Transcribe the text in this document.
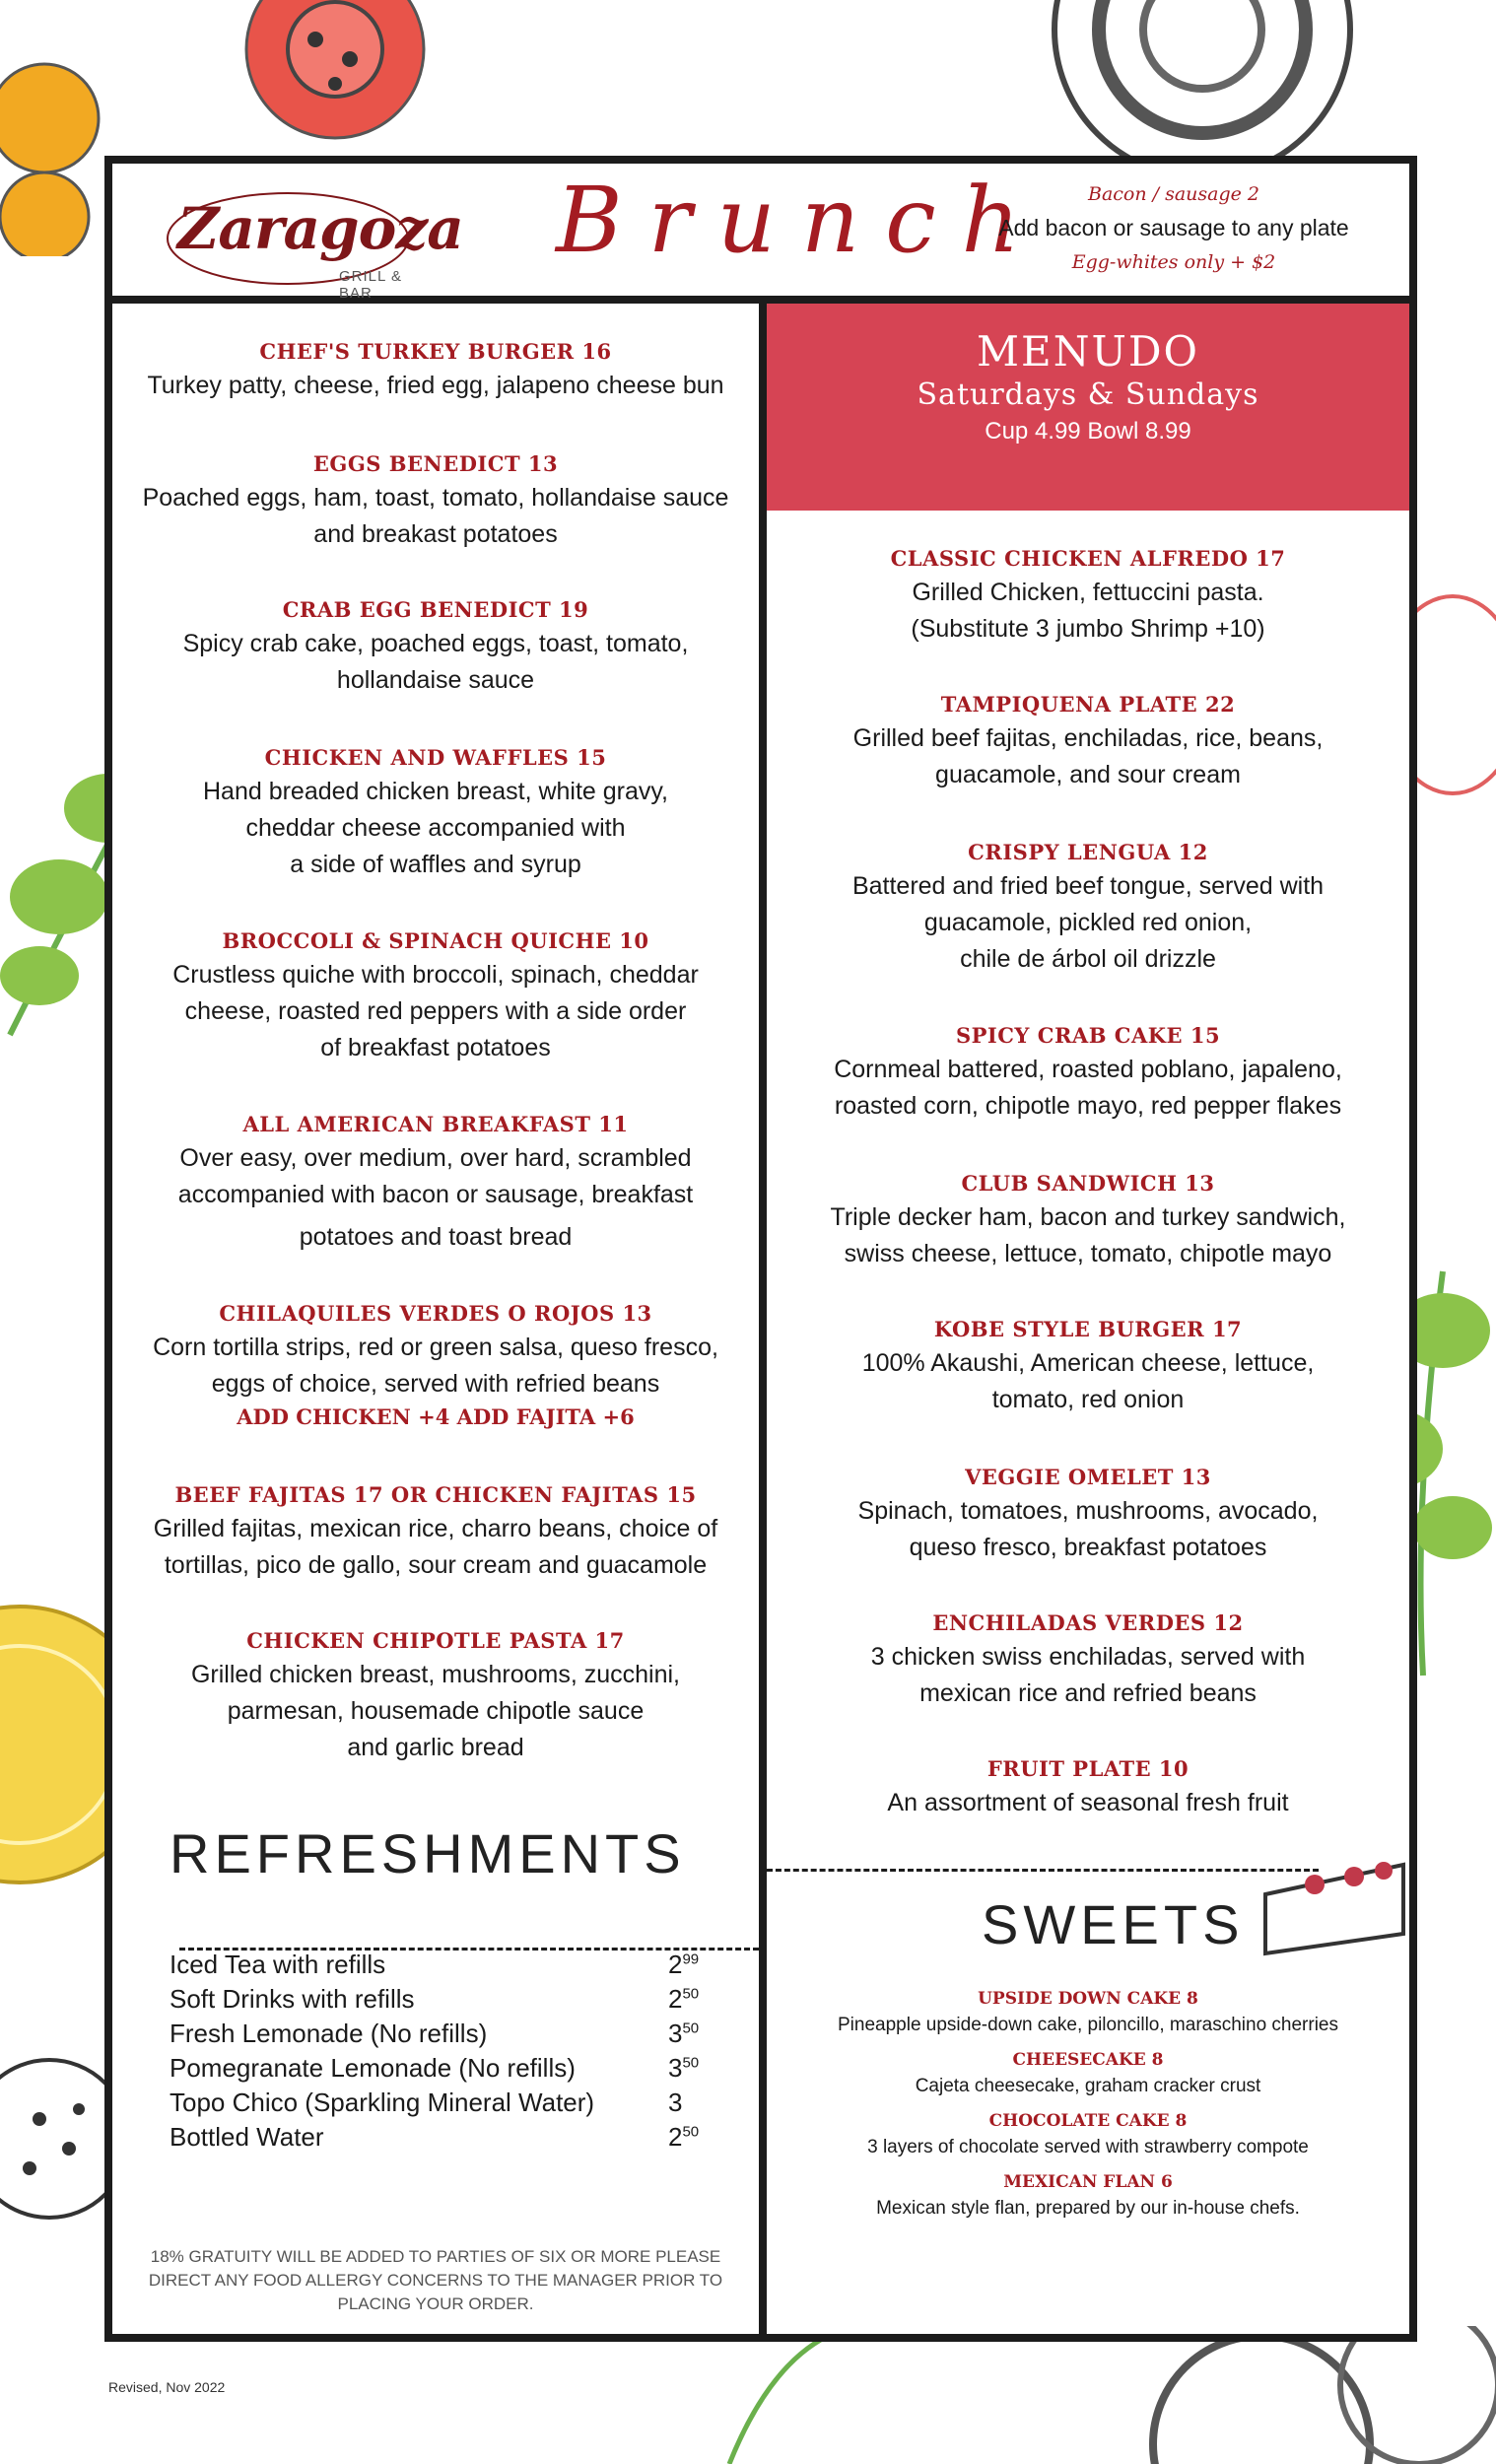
Zaragoza
GRILL & BAR
Brunch	Bacon / sausage 2
Add bacon or sausage to any plate
Egg-whites only + $2
CHEF'S TURKEY BURGER 16
Turkey patty, cheese, fried egg, jalapeno cheese bun
EGGS BENEDICT 13
Poached eggs, ham, toast, tomato, hollandaise sauce
and breakast potatoes
CRAB EGG BENEDICT 19
Spicy crab cake, poached eggs, toast, tomato,
hollandaise sauce
CHICKEN AND WAFFLES 15
Hand breaded chicken breast, white gravy,
cheddar cheese accompanied with
a side of waffles and syrup
BROCCOLI & SPINACH QUICHE 10
Crustless quiche with broccoli, spinach, cheddar
cheese, roasted red peppers with a side order
of breakfast potatoes
ALL AMERICAN BREAKFAST 11
Over easy, over medium, over hard, scrambled
accompanied with bacon or sausage, breakfast
potatoes and toast bread
CHILAQUILES VERDES O ROJOS 13
Corn tortilla strips, red or green salsa, queso fresco,
eggs of choice, served with refried beans
ADD CHICKEN +4 ADD FAJITA +6
BEEF FAJITAS 17 OR CHICKEN FAJITAS 15
Grilled fajitas, mexican rice, charro beans, choice of
tortillas, pico de gallo, sour cream and guacamole
CHICKEN CHIPOTLE PASTA 17
Grilled chicken breast, mushrooms, zucchini,
parmesan, housemade chipotle sauce
and garlic bread
MENUDO
Saturdays & Sundays
Cup 4.99 Bowl 8.99
CLASSIC CHICKEN ALFREDO 17
Grilled Chicken, fettuccini pasta.
(Substitute 3 jumbo Shrimp +10)
TAMPIQUENA PLATE 22
Grilled beef fajitas, enchiladas, rice, beans,
guacamole, and sour cream
CRISPY LENGUA 12
Battered and fried beef tongue, served with
guacamole, pickled red onion,
chile de árbol oil drizzle
SPICY CRAB CAKE 15
Cornmeal battered, roasted poblano, japaleno,
roasted corn, chipotle mayo, red pepper flakes
CLUB SANDWICH 13
Triple decker ham, bacon and turkey sandwich,
swiss cheese, lettuce, tomato, chipotle mayo
KOBE STYLE BURGER 17
100% Akaushi, American cheese, lettuce,
tomato, red onion
VEGGIE OMELET 13
Spinach, tomatoes, mushrooms, avocado,
queso fresco, breakfast potatoes
ENCHILADAS VERDES 12
3 chicken swiss enchiladas, served with
mexican rice and refried beans
FRUIT PLATE 10
An assortment of seasonal fresh fruit
REFRESHMENTS
Iced Tea with refills	$2^{99}$
Soft Drinks with refills	$2^{50}$
Fresh Lemonade (No refills)	$3^{50}$
Pomegranate Lemonade (No refills)	$3^{50}$
Topo Chico (Sparkling Mineral Water)	3
Bottled Water	$2^{50}$
18% GRATUITY WILL BE ADDED TO PARTIES OF SIX OR MORE PLEASE
DIRECT ANY FOOD ALLERGY CONCERNS TO THE MANAGER PRIOR TO
PLACING YOUR ORDER.
SWEETS
UPSIDE DOWN CAKE 8
Pineapple upside-down cake, piloncillo, maraschino cherries
CHEESECAKE 8
Cajeta cheesecake, graham cracker crust
CHOCOLATE CAKE 8
3 layers of chocolate served with strawberry compote
MEXICAN FLAN 6
Mexican style flan, prepared by our in-house chefs.
Revised, Nov 2022
